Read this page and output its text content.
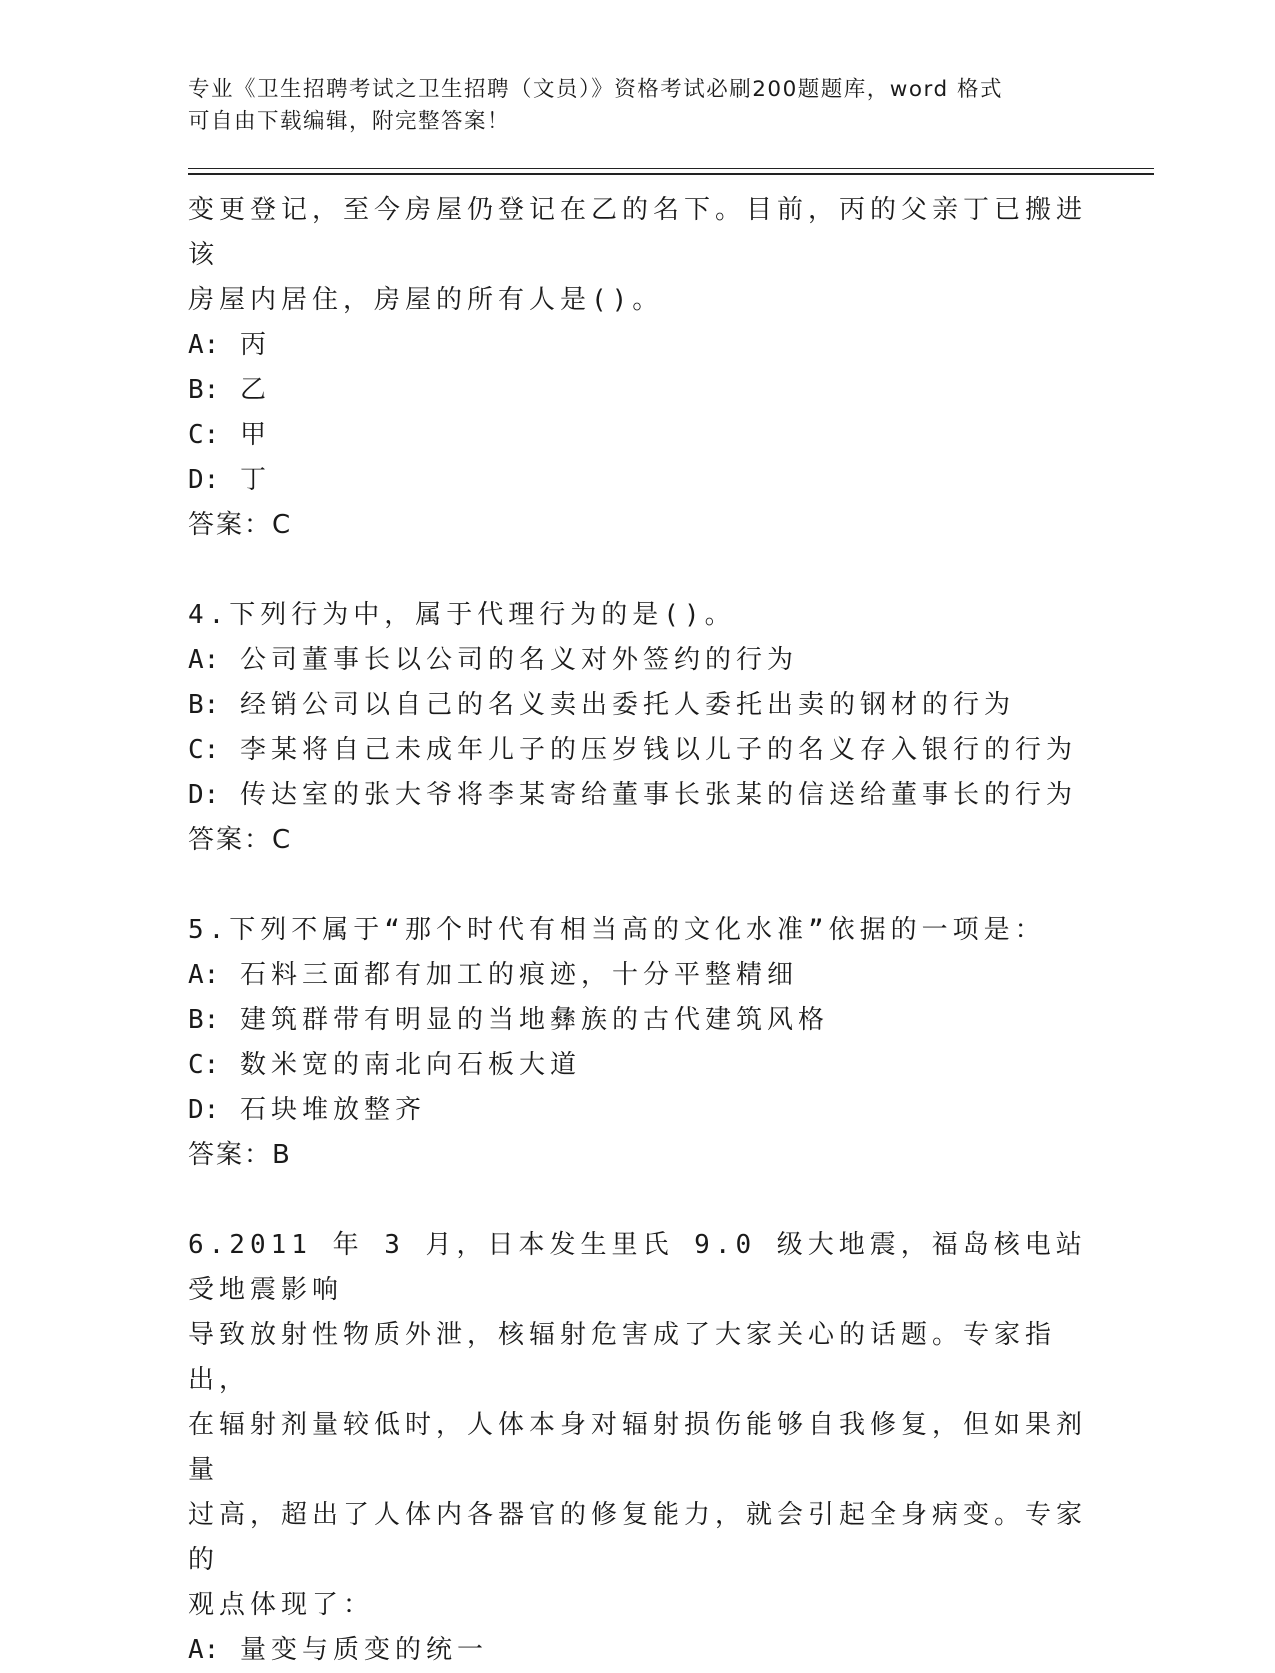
专业《卫生招聘考试之卫生招聘（文员）》资格考试必刷200题题库，word 格式
可自由下载编辑，附完整答案！

变更登记，至今房屋仍登记在乙的名下。目前，丙的父亲丁已搬进该

房屋内居住，房屋的所有人是()。

A: 丙

B: 乙

C: 甲

D: 丁

答案：C

4.下列行为中，属于代理行为的是()。

A: 公司董事长以公司的名义对外签约的行为

B: 经销公司以自己的名义卖出委托人委托出卖的钢材的行为

C: 李某将自己未成年儿子的压岁钱以儿子的名义存入银行的行为

D: 传达室的张大爷将李某寄给董事长张某的信送给董事长的行为

答案：C

5.下列不属于“那个时代有相当高的文化水准”依据的一项是：

A: 石料三面都有加工的痕迹，十分平整精细

B: 建筑群带有明显的当地彝族的古代建筑风格

C: 数米宽的南北向石板大道

D: 石块堆放整齐

答案：B

6.2011 年 3 月，日本发生里氏 9.0 级大地震，福岛核电站受地震影响

导致放射性物质外泄，核辐射危害成了大家关心的话题。专家指出，

在辐射剂量较低时，人体本身对辐射损伤能够自我修复，但如果剂量

过高，超出了人体内各器官的修复能力，就会引起全身病变。专家的

观点体现了：

A: 量变与质变的统一
